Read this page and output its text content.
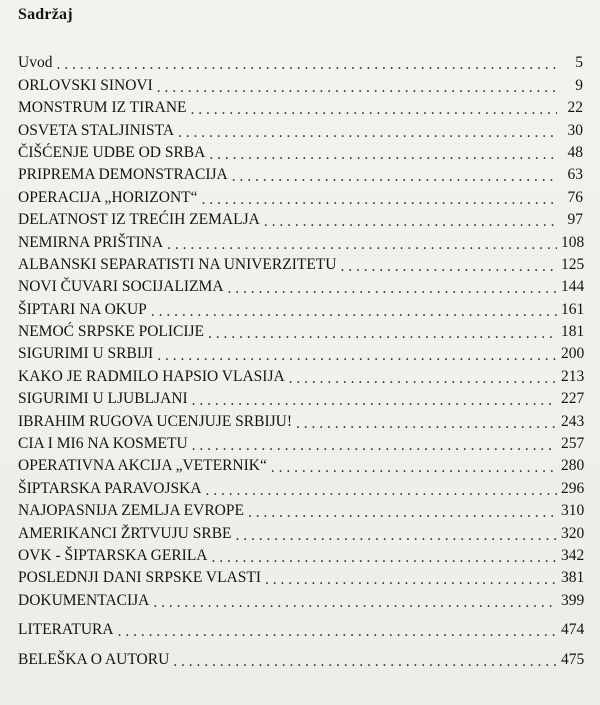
Sadržaj
Uvod . . .	5
ORLOVSKI SINOVI . . .	9
MONSTRUM IZ TIRANE . . .	22
OSVETA STALJINISTA . . .	30
ČIŠĆENJE UDBE OD SRBA . . .	48
PRIPREMA DEMONSTRACIJA . . .	63
OPERACIJA „HORIZONT“ . . .	76
DELATNOST IZ TREĆIH ZEMALJA . . .	97
NEMIRNA PRIŠTINA . . .	108
ALBANSKI SEPARATISTI NA UNIVERZITETU . . .	125
NOVI ČUVARI SOCIJALIZMA . . .	144
ŠIPTARI NA OKUP . . .	161
NEMOĆ SRPSKE POLICIJE . . .	181
SIGURIMI U SRBIJI . . .	200
KAKO JE RADMILO HAPSIO VLASIJA . . .	213
SIGURIMI U LJUBLJANI . . .	227
IBRAHIM RUGOVA UCENJUJE SRBIJU! . . .	243
CIA I MI6 NA KOSMETU . . .	257
OPERATIVNA AKCIJA „VETERNIK“ . . .	280
ŠIPTARSKA PARAVOJSKA . . .	296
NAJOPASNIJA ZEMLJA EVROPE . . .	310
AMERIKANCI ŽRTVUJU SRBE . . .	320
OVK - ŠIPTARSKA GERILA . . .	342
POSLEDNJI DANI SRPSKE VLASTI . . .	381
DOKUMENTACIJA . . .	399
LITERATURA . . .	474
BELEŠKA O AUTORU . . .	475
